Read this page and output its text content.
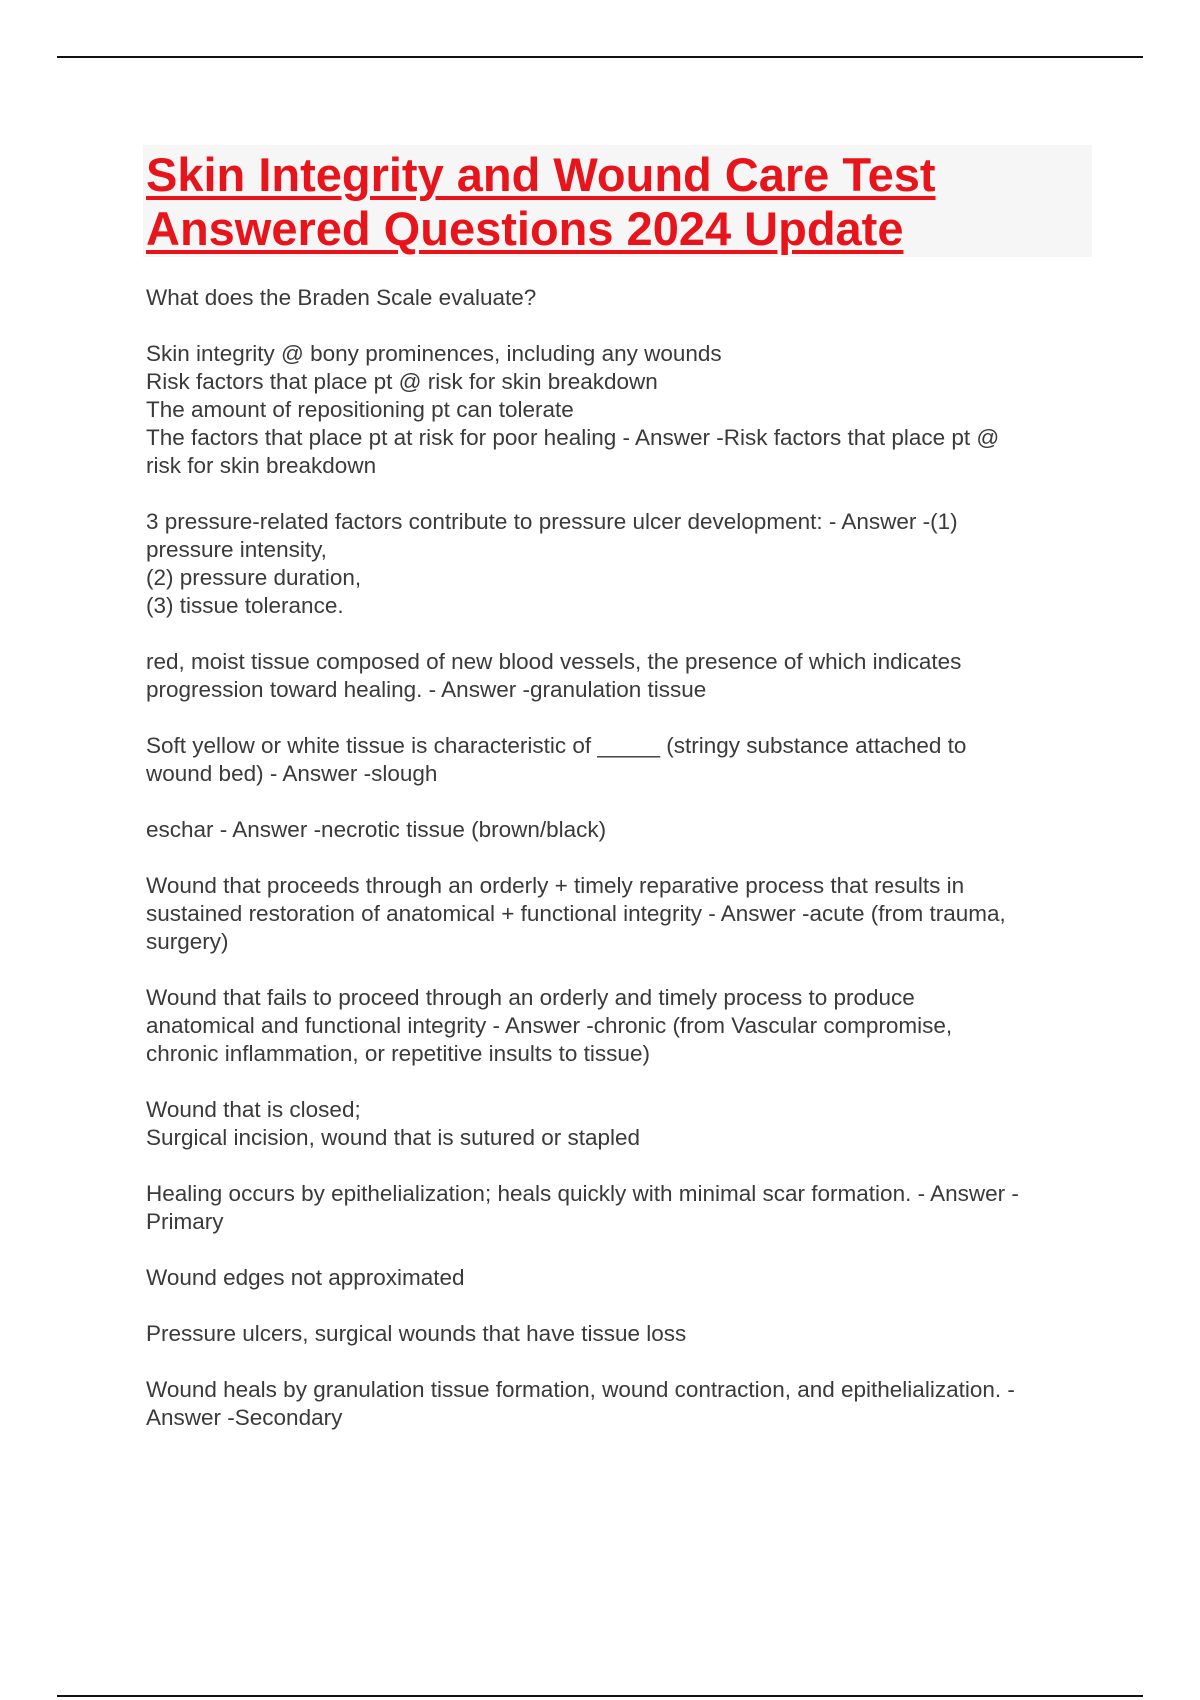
Skin Integrity and Wound Care Test
Answered Questions 2024 Update

What does the Braden Scale evaluate?

Skin integrity @ bony prominences, including any wounds
Risk factors that place pt @ risk for skin breakdown
The amount of repositioning pt can tolerate
The factors that place pt at risk for poor healing - Answer -Risk factors that place pt @
risk for skin breakdown

3 pressure-related factors contribute to pressure ulcer development: - Answer -(1)
pressure intensity,
(2) pressure duration,
(3) tissue tolerance.

red, moist tissue composed of new blood vessels, the presence of which indicates
progression toward healing. - Answer -granulation tissue

Soft yellow or white tissue is characteristic of _____ (stringy substance attached to
wound bed) - Answer -slough

eschar - Answer -necrotic tissue (brown/black)

Wound that proceeds through an orderly + timely reparative process that results in
sustained restoration of anatomical + functional integrity - Answer -acute (from trauma,
surgery)

Wound that fails to proceed through an orderly and timely process to produce
anatomical and functional integrity - Answer -chronic (from Vascular compromise,
chronic inflammation, or repetitive insults to tissue)

Wound that is closed;
Surgical incision, wound that is sutured or stapled

Healing occurs by epithelialization; heals quickly with minimal scar formation. - Answer -
Primary

Wound edges not approximated

Pressure ulcers, surgical wounds that have tissue loss

Wound heals by granulation tissue formation, wound contraction, and epithelialization. -
Answer -Secondary
